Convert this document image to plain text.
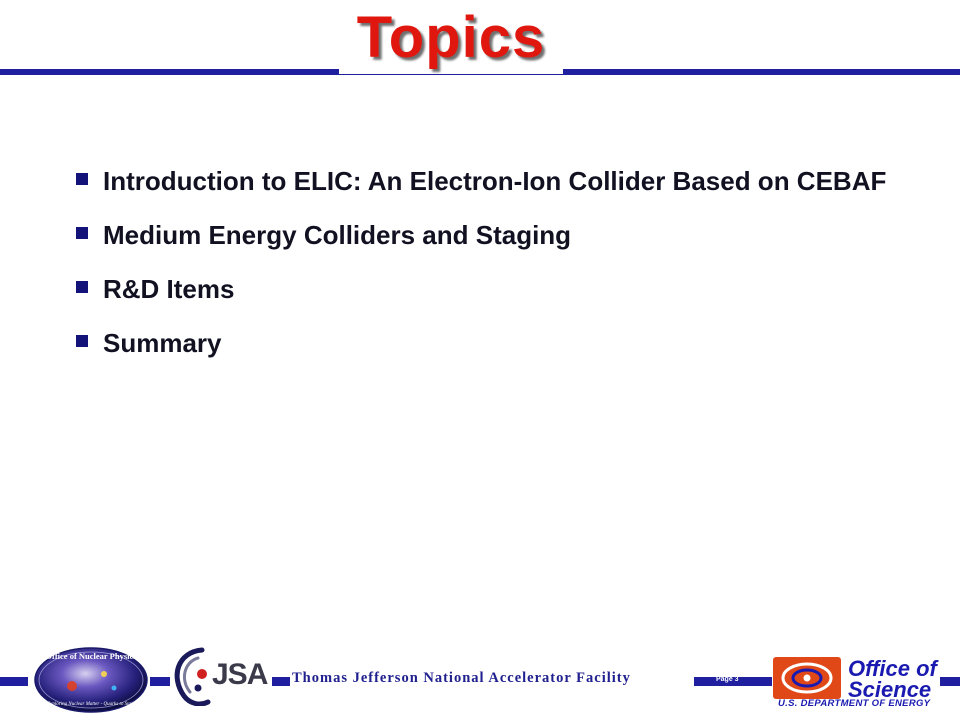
Topics
Introduction to ELIC: An Electron-Ion Collider Based on CEBAF
Medium Energy Colliders and Staging
R&D Items
Summary
Thomas Jefferson National Accelerator Facility	Page 3
Office of Nuclear Physics
Exploring Nuclear Matter - Quarks to Stars
JSA	Office of
Science
U.S. DEPARTMENT OF ENERGY
